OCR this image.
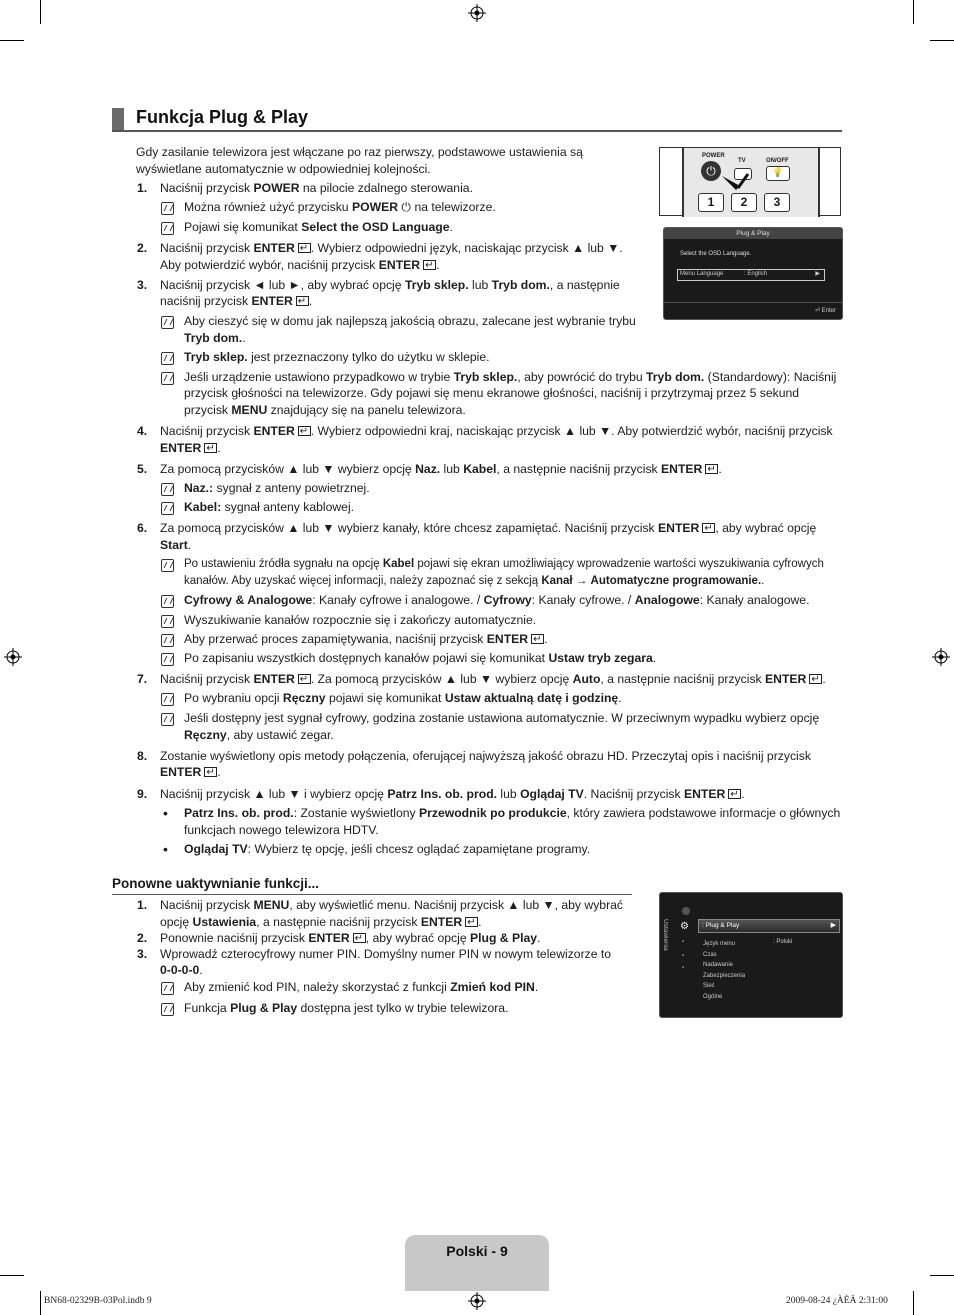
Funkcja Plug & Play
POWER
TV	ON/OFF
⏻	💡
1	2	3
Plug & Play
Select the OSD Language.
Menu Language	: English	▶
⏎ Enter
Ustawienia ⚙
▪
▪
▪
: Plug & Play	▶
Język menu
Czas
Nadawanie
Zabezpieczenia
Sieć
Ogólne
: Polski
Gdy zasilanie telewizora jest włączane po raz pierwszy, podstawowe ustawienia są wyświetlane automatycznie w odpowiedniej kolejności.
1. Naciśnij przycisk POWER na pilocie zdalnego sterowania.
Można również użyć przycisku POWER ⏻ na telewizorze.
Pojawi się komunikat Select the OSD Language.
2. Naciśnij przycisk ENTER ↵ . Wybierz odpowiedni język, naciskając przycisk ▲ lub ▼.
Aby potwierdzić wybór, naciśnij przycisk ENTER ↵ .
3. Naciśnij przycisk ◄ lub ►, aby wybrać opcję Tryb sklep. lub Tryb dom., a następnie
naciśnij przycisk ENTER ↵ .
Aby cieszyć się w domu jak najlepszą jakością obrazu, zalecane jest wybranie trybu
Tryb dom..
Tryb sklep. jest przeznaczony tylko do użytku w sklepie.
Jeśli urządzenie ustawiono przypadkowo w trybie Tryb sklep., aby powrócić do trybu Tryb dom. (Standardowy): Naciśnij
przycisk głośności na telewizorze. Gdy pojawi się menu ekranowe głośności, naciśnij i przytrzymaj przez 5 sekund
przycisk MENU znajdujący się na panelu telewizora.
4. Naciśnij przycisk ENTER ↵ . Wybierz odpowiedni kraj, naciskając przycisk ▲ lub ▼. Aby potwierdzić wybór, naciśnij przycisk
ENTER ↵ .
5. Za pomocą przycisków ▲ lub ▼ wybierz opcję Naz. lub Kabel, a następnie naciśnij przycisk ENTER ↵ .
Naz.: sygnał z anteny powietrznej.
Kabel: sygnał anteny kablowej.
6. Za pomocą przycisków ▲ lub ▼ wybierz kanały, które chcesz zapamiętać. Naciśnij przycisk ENTER ↵ , aby wybrać opcję
Start.
Po ustawieniu źródła sygnału na opcję Kabel pojawi się ekran umożliwiający wprowadzenie wartości wyszukiwania cyfrowych
kanałów. Aby uzyskać więcej informacji, należy zapoznać się z sekcją Kanał → Automatyczne programowanie..
Cyfrowy & Analogowe: Kanały cyfrowe i analogowe. / Cyfrowy: Kanały cyfrowe. / Analogowe: Kanały analogowe.
Wyszukiwanie kanałów rozpocznie się i zakończy automatycznie.
Aby przerwać proces zapamiętywania, naciśnij przycisk ENTER ↵ .
Po zapisaniu wszystkich dostępnych kanałów pojawi się komunikat Ustaw tryb zegara.
7. Naciśnij przycisk ENTER ↵ . Za pomocą przycisków ▲ lub ▼ wybierz opcję Auto, a następnie naciśnij przycisk ENTER ↵ .
Po wybraniu opcji Ręczny pojawi się komunikat Ustaw aktualną datę i godzinę.
Jeśli dostępny jest sygnał cyfrowy, godzina zostanie ustawiona automatycznie. W przeciwnym wypadku wybierz opcję
Ręczny, aby ustawić zegar.
8. Zostanie wyświetlony opis metody połączenia, oferującej najwyższą jakość obrazu HD. Przeczytaj opis i naciśnij przycisk
ENTER ↵ .
9. Naciśnij przycisk ▲ lub ▼ i wybierz opcję Patrz Ins. ob. prod. lub Oglądaj TV. Naciśnij przycisk ENTER ↵ .
• Patrz Ins. ob. prod.: Zostanie wyświetlony Przewodnik po produkcie, który zawiera podstawowe informacje o głównych
funkcjach nowego telewizora HDTV.
• Oglądaj TV: Wybierz tę opcję, jeśli chcesz oglądać zapamiętane programy.
Ponowne uaktywnianie funkcji...
1. Naciśnij przycisk MENU, aby wyświetlić menu. Naciśnij przycisk ▲ lub ▼, aby wybrać
opcję Ustawienia, a następnie naciśnij przycisk ENTER ↵ .
2. Ponownie naciśnij przycisk ENTER ↵ , aby wybrać opcję Plug & Play.
3. Wprowadź czterocyfrowy numer PIN. Domyślny numer PIN w nowym telewizorze to
0-0-0-0.
Aby zmienić kod PIN, należy skorzystać z funkcji Zmień kod PIN.
Funkcja Plug & Play dostępna jest tylko w trybie telewizora.
Polski - 9
BN68-02329B-03Pol.indb 9	2009-08-24 ¿ÀÈÄ 2:31:00
